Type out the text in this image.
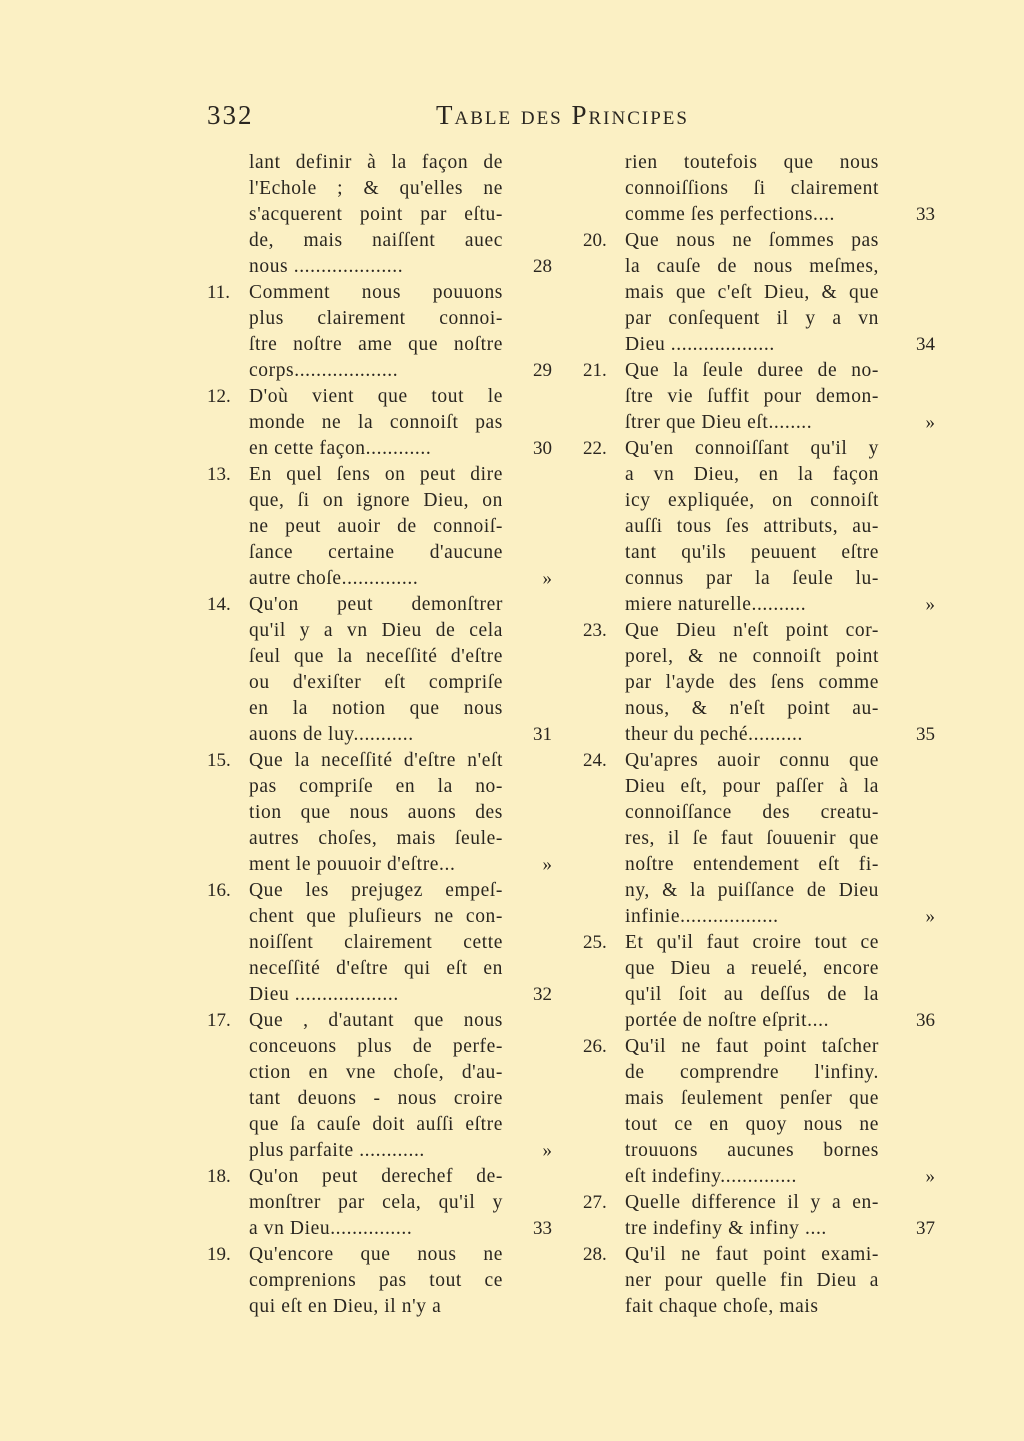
332	Table des Principes
lant definir à la façon de
l'Echole ; & qu'elles ne
s'acquerent point par eſtu-
de, mais naiſſent auec
nous ....................	28
11. Comment nous pouuons
plus clairement connoi-
ſtre noſtre ame que noſtre
corps...................	29
12. D'où vient que tout le
monde ne la connoiſt pas
en cette façon............	30
13. En quel ſens on peut dire
que, ſi on ignore Dieu, on
ne peut auoir de connoiſ-
ſance certaine d'aucune
autre choſe..............	»
14. Qu'on peut demonſtrer
qu'il y a vn Dieu de cela
ſeul que la neceſſité d'eſtre
ou d'exiſter eſt compriſe
en la notion que nous
auons de luy...........	31
15. Que la neceſſité d'eſtre n'eſt
pas compriſe en la no-
tion que nous auons des
autres choſes, mais ſeule-
ment le pouuoir d'eſtre...	»
16. Que les prejugez empeſ-
chent que pluſieurs ne con-
noiſſent clairement cette
neceſſité d'eſtre qui eſt en
Dieu ...................	32
17. Que , d'autant que nous
conceuons plus de perfe-
ction en vne choſe, d'au-
tant deuons - nous croire
que ſa cauſe doit auſſi eſtre
plus parfaite ............	»
18. Qu'on peut derechef de-
monſtrer par cela, qu'il y
a vn Dieu...............	33
19. Qu'encore que nous ne
comprenions pas tout ce
qui eſt en Dieu, il n'y a
rien toutefois que nous
connoiſſions ſi clairement
comme ſes perfections....	33
20. Que nous ne ſommes pas
la cauſe de nous meſmes,
mais que c'eſt Dieu, & que
par conſequent il y a vn
Dieu ...................	34
21. Que la ſeule duree de no-
ſtre vie ſuffit pour demon-
ſtrer que Dieu eſt........	»
22. Qu'en connoiſſant qu'il y
a vn Dieu, en la façon
icy expliquée, on connoiſt
auſſi tous ſes attributs, au-
tant qu'ils peuuent eſtre
connus par la ſeule lu-
miere naturelle..........	»
23. Que Dieu n'eſt point cor-
porel, & ne connoiſt point
par l'ayde des ſens comme
nous, & n'eſt point au-
theur du peché..........	35
24. Qu'apres auoir connu que
Dieu eſt, pour paſſer à la
connoiſſance des creatu-
res, il ſe faut ſouuenir que
noſtre entendement eſt fi-
ny, & la puiſſance de Dieu
infinie..................	»
25. Et qu'il faut croire tout ce
que Dieu a reuelé, encore
qu'il ſoit au deſſus de la
portée de noſtre eſprit....	36
26. Qu'il ne faut point taſcher
de comprendre l'infiny.
mais ſeulement penſer que
tout ce en quoy nous ne
trouuons aucunes bornes
eſt indefiny..............	»
27. Quelle difference il y a en-
tre indefiny & infiny ....	37
28. Qu'il ne faut point exami-
ner pour quelle fin Dieu a
fait chaque choſe, mais
